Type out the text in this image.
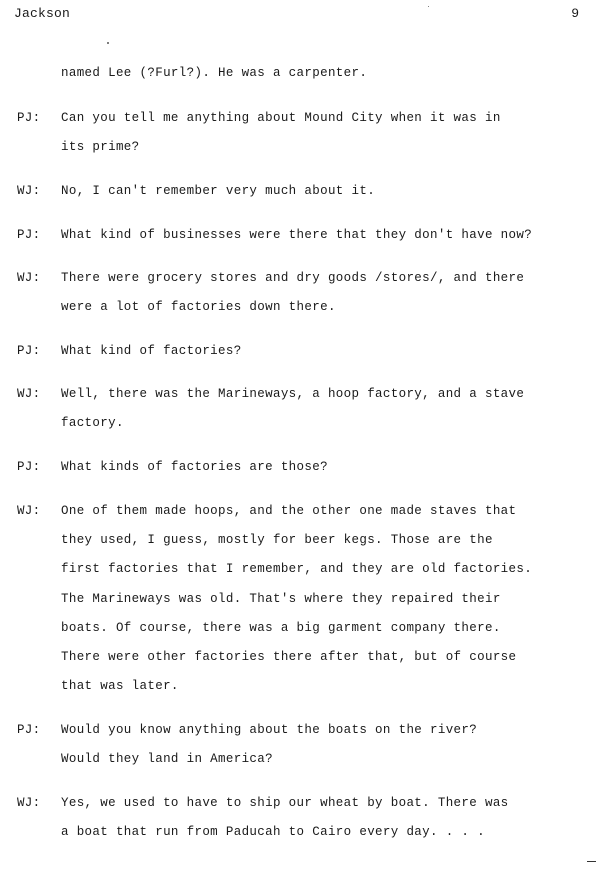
Jackson	9
named Lee (?Furl?). He was a carpenter.
PJ: Can you tell me anything about Mound City when it was in
its prime?
WJ: No, I can't remember very much about it.
PJ: What kind of businesses were there that they don't have now?
WJ: There were grocery stores and dry goods /stores/, and there
were a lot of factories down there.
PJ: What kind of factories?
WJ: Well, there was the Marineways, a hoop factory, and a stave
factory.
PJ: What kinds of factories are those?
WJ: One of them made hoops, and the other one made staves that
they used, I guess, mostly for beer kegs. Those are the
first factories that I remember, and they are old factories.
The Marineways was old. That's where they repaired their
boats. Of course, there was a big garment company there.
There were other factories there after that, but of course
that was later.
PJ: Would you know anything about the boats on the river?
Would they land in America?
WJ: Yes, we used to have to ship our wheat by boat. There was
a boat that run from Paducah to Cairo every day. . . .
